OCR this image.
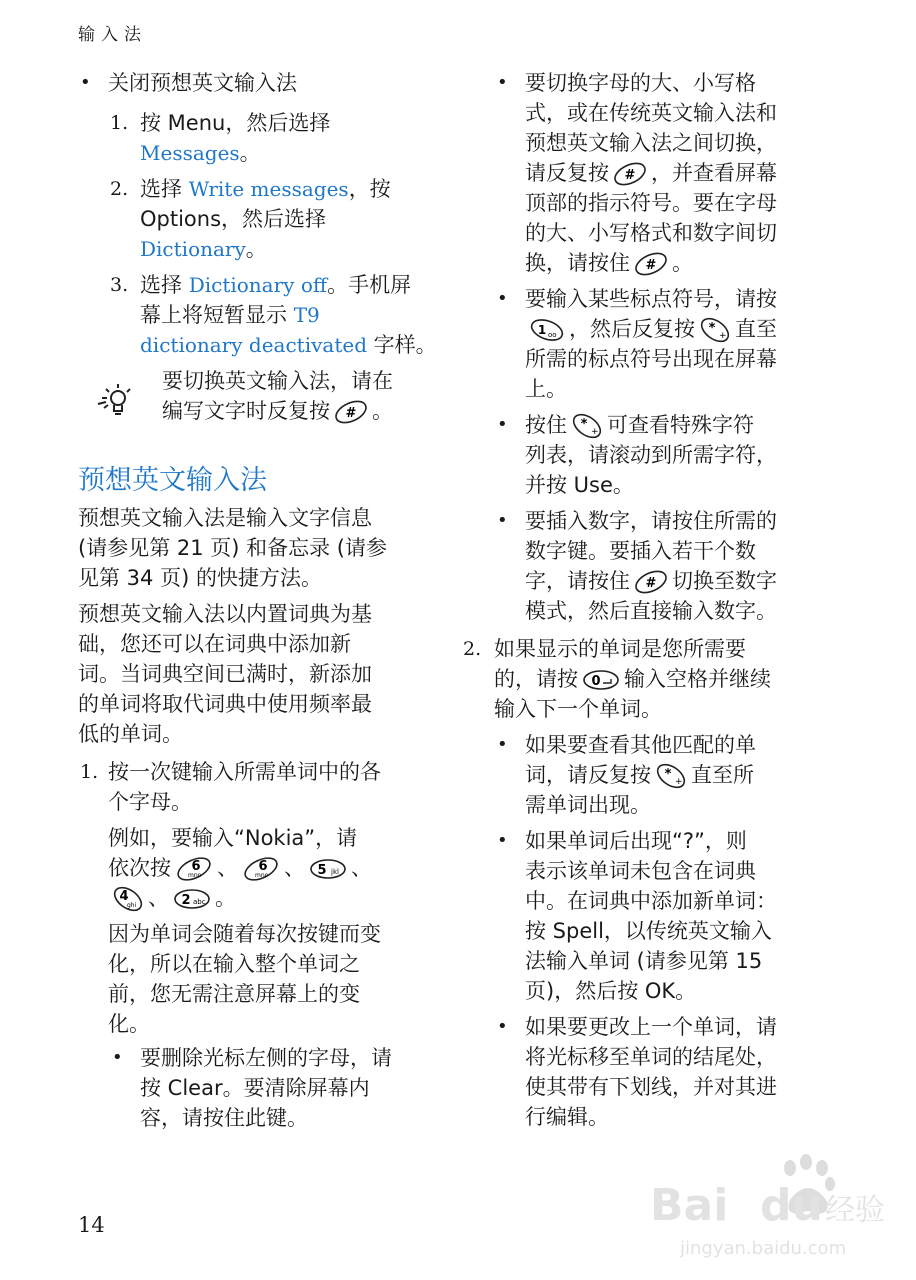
输入法
• 关闭预想英文输入法
1. 按 Menu，然后选择
Messages。
2. 选择 Write messages，按
Options，然后选择
Dictionary。
3. 选择 Dictionary off。手机屏
幕上将短暂显示 T9
dictionary deactivated 字样。
要切换英文输入法，请在
编写文字时反复按 # 。
预想英文输入法
预想英文输入法是输入文字信息
(请参见第 21 页) 和备忘录 (请参
见第 34 页) 的快捷方法。
预想英文输入法以内置词典为基
础，您还可以在词典中添加新
词。当词典空间已满时，新添加
的单词将取代词典中使用频率最
低的单词。
1. 按一次键输入所需单词中的各
个字母。
例如，要输入“Nokia”，请
依次按 6
mno 、 6
mno 、 5 jkl 、
4
ghi 、 2 abc 。
因为单词会随着每次按键而变
化，所以在输入整个单词之
前，您无需注意屏幕上的变
化。
• 要删除光标左侧的字母，请
按 Clear。要清除屏幕内
容，请按住此键。
• 要切换字母的大、小写格
式，或在传统英文输入法和
预想英文输入法之间切换，
请反复按 # ，并查看屏幕
顶部的指示符号。要在字母
的大、小写格式和数字间切
换，请按住 # 。
• 要输入某些标点符号，请按
1 oo ，然后反复按 * + 直至
所需的标点符号出现在屏幕
上。
• 按住 * + 可查看特殊字符
列表，请滚动到所需字符，
并按 Use。
• 要插入数字，请按住所需的
数字键。要插入若干个数
字，请按住 # 切换至数字
模式，然后直接输入数字。
2. 如果显示的单词是您所需要
的，请按 0 输入空格并继续
输入下一个单词。
• 如果要查看其他匹配的单
词，请反复按 * + 直至所
需单词出现。
• 如果单词后出现“?”，则
表示该单词未包含在词典
中。在词典中添加新单词：
按 Spell，以传统英文输入
法输入单词 (请参见第 15
页)，然后按 OK。
• 如果要更改上一个单词，请
将光标移至单词的结尾处，
使其带有下划线，并对其进
行编辑。
14	Bai du 经验
jingyan.baidu.com
